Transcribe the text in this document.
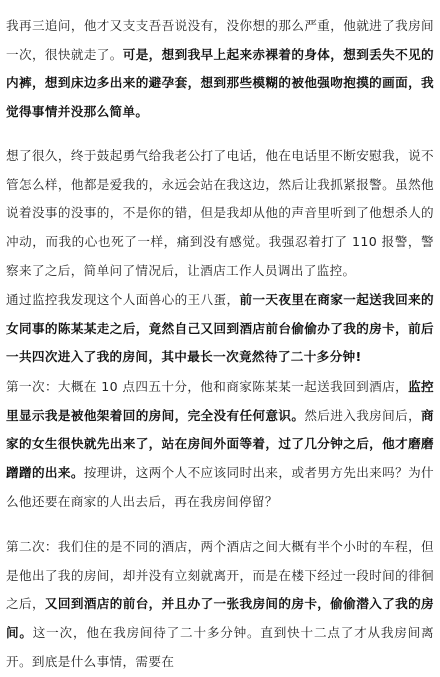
我再三追问，他才又支支吾吾说没有，没你想的那么严重，他就进了我房间一次，很快就走了。可是，想到我早上起来赤裸着的身体，想到丢失不见的内裤，想到床边多出来的避孕套，想到那些模糊的被他强吻抱摸的画面，我觉得事情并没那么简单。

想了很久，终于鼓起勇气给我老公打了电话，他在电话里不断安慰我，说不管怎么样，他都是爱我的，永远会站在我这边，然后让我抓紧报警。虽然他说着没事的没事的，不是你的错，但是我却从他的声音里听到了他想杀人的冲动，而我的心也死了一样，痛到没有感觉。我强忍着打了 110 报警，警察来了之后，简单问了情况后，让酒店工作人员调出了监控。

通过监控我发现这个人面兽心的王八蛋，前一天夜里在商家一起送我回来的女同事的陈某某走之后，竟然自己又回到酒店前台偷偷办了我的房卡，前后一共四次进入了我的房间，其中最长一次竟然待了二十多分钟!

第一次：大概在 10 点四五十分，他和商家陈某某一起送我回到酒店，监控里显示我是被他架着回的房间，完全没有任何意识。然后进入我房间后，商家的女生很快就先出来了，站在房间外面等着，过了几分钟之后，他才磨磨蹭蹭的出来。按理讲，这两个人不应该同时出来，或者男方先出来吗？为什么他还要在商家的人出去后，再在我房间停留？

第二次：我们住的是不同的酒店，两个酒店之间大概有半个小时的车程，但是他出了我的房间，却并没有立刻就离开，而是在楼下经过一段时间的徘徊之后，又回到酒店的前台，并且办了一张我房间的房卡，偷偷潜入了我的房间。这一次，他在我房间待了二十多分钟。直到快十二点了才从我房间离开。到底是什么事情，需要在
